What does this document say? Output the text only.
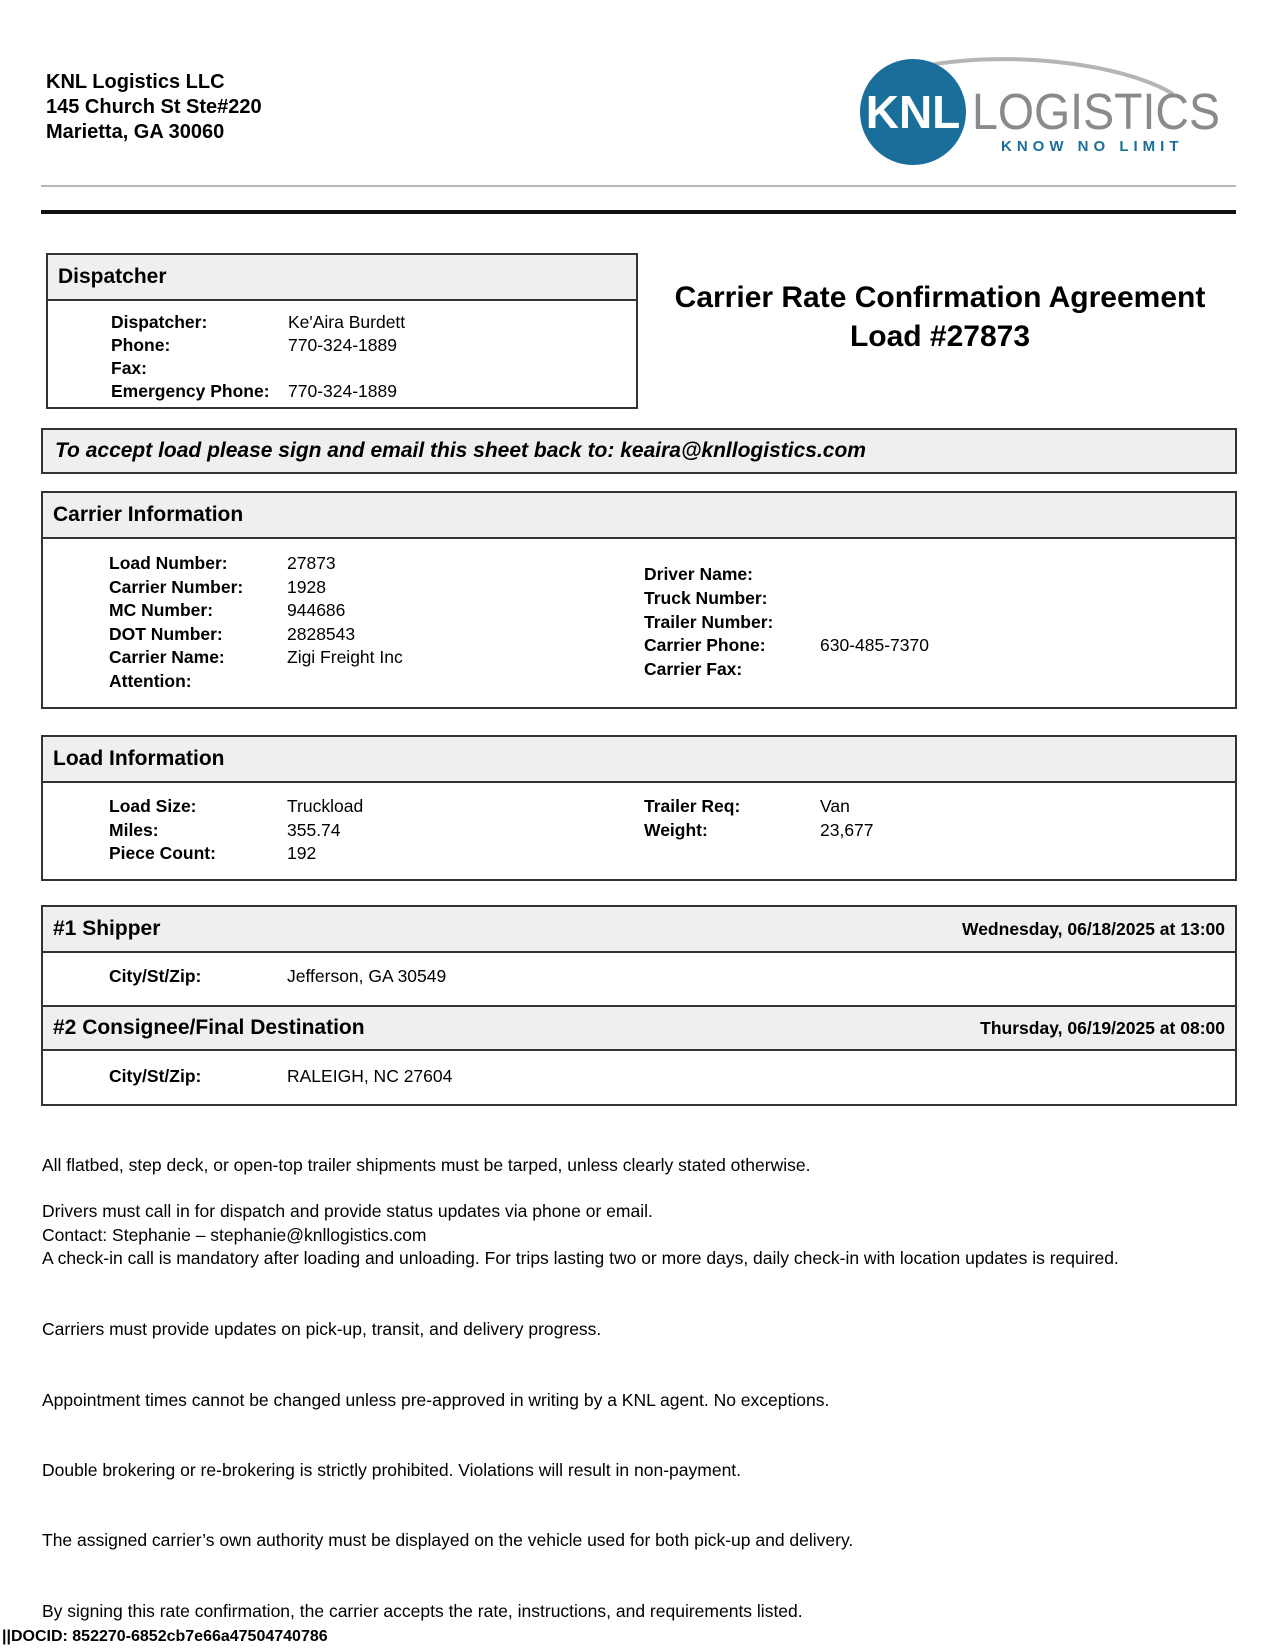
KNL Logistics LLC
145 Church St Ste#220
Marietta, GA 30060	KNL LOGISTICS
KNOW NO LIMIT
Dispatcher
Dispatcher:	Ke'Aira Burdett
Phone:	770-324-1889
Fax:
Emergency Phone: 770-324-1889
Carrier Rate Confirmation Agreement
Load #27873
To accept load please sign and email this sheet back to: keaira@knllogistics.com
Carrier Information
Load Number:	27873
Carrier Number:	1928
MC Number:	944686
DOT Number:	2828543
Carrier Name:	Zigi Freight Inc
Attention:
Driver Name:
Truck Number:
Trailer Number:
Carrier Phone:	630-485-7370
Carrier Fax:
Load Information
Load Size:	Truckload
Miles:	355.74
Piece Count:	192
Trailer Req:	Van
Weight:	23,677
#1 Shipper	Wednesday, 06/18/2025 at 13:00
City/St/Zip:	Jefferson, GA 30549
#2 Consignee/Final Destination	Thursday, 06/19/2025 at 08:00
City/St/Zip:	RALEIGH, NC 27604
All flatbed, step deck, or open-top trailer shipments must be tarped, unless clearly stated otherwise.
Drivers must call in for dispatch and provide status updates via phone or email.
Contact: Stephanie – stephanie@knllogistics.com
A check-in call is mandatory after loading and unloading. For trips lasting two or more days, daily check-in with location updates is required.
Carriers must provide updates on pick-up, transit, and delivery progress.
Appointment times cannot be changed unless pre-approved in writing by a KNL agent. No exceptions.
Double brokering or re-brokering is strictly prohibited. Violations will result in non-payment.
The assigned carrier’s own authority must be displayed on the vehicle used for both pick-up and delivery.
By signing this rate confirmation, the carrier accepts the rate, instructions, and requirements listed.
||DOCID: 852270-6852cb7e66a47504740786
